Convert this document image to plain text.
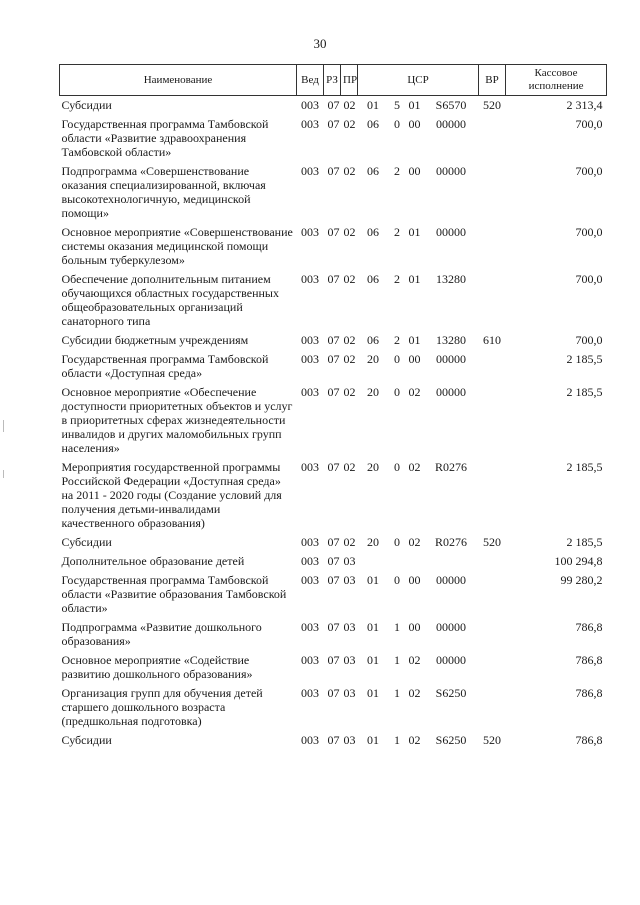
30
Наименование	Вед	РЗ	ПР	ЦСР				ВР	Кассовое исполнение
Субсидии	003	07	02	01	5	01	S6570	520	2 313,4
Государственная программа Тамбовской области «Развитие здравоохранения Тамбовской области»	003	07	02	06	0	00	00000		700,0
Подпрограмма «Совершенствование оказания специализированной, включая высокотехнологичную, медицинской помощи»	003	07	02	06	2	00	00000		700,0
Основное мероприятие «Совершенствование системы оказания медицинской помощи больным туберкулезом»	003	07	02	06	2	01	00000		700,0
Обеспечение дополнительным питанием обучающихся областных государственных общеобразовательных организаций санаторного типа	003	07	02	06	2	01	13280		700,0
Субсидии бюджетным учреждениям	003	07	02	06	2	01	13280	610	700,0
Государственная программа Тамбовской области «Доступная среда»	003	07	02	20	0	00	00000		2 185,5
Основное мероприятие «Обеспечение доступности приоритетных объектов и услуг в приоритетных сферах жизнедеятельности инвалидов и других маломобильных групп населения»	003	07	02	20	0	02	00000		2 185,5
Мероприятия государственной программы Российской Федерации «Доступная среда» на 2011 - 2020 годы (Создание условий для получения детьми-инвалидами качественного образования)	003	07	02	20	0	02	R0276		2 185,5
Субсидии	003	07	02	20	0	02	R0276	520	2 185,5
Дополнительное образование детей	003	07	03						100 294,8
Государственная программа Тамбовской области «Развитие образования Тамбовской области»	003	07	03	01	0	00	00000		99 280,2
Подпрограмма «Развитие дошкольного образования»	003	07	03	01	1	00	00000		786,8
Основное мероприятие «Содействие развитию дошкольного образования»	003	07	03	01	1	02	00000		786,8
Организация групп для обучения детей старшего дошкольного возраста (предшкольная подготовка)	003	07	03	01	1	02	S6250		786,8
Субсидии	003	07	03	01	1	02	S6250	520	786,8
